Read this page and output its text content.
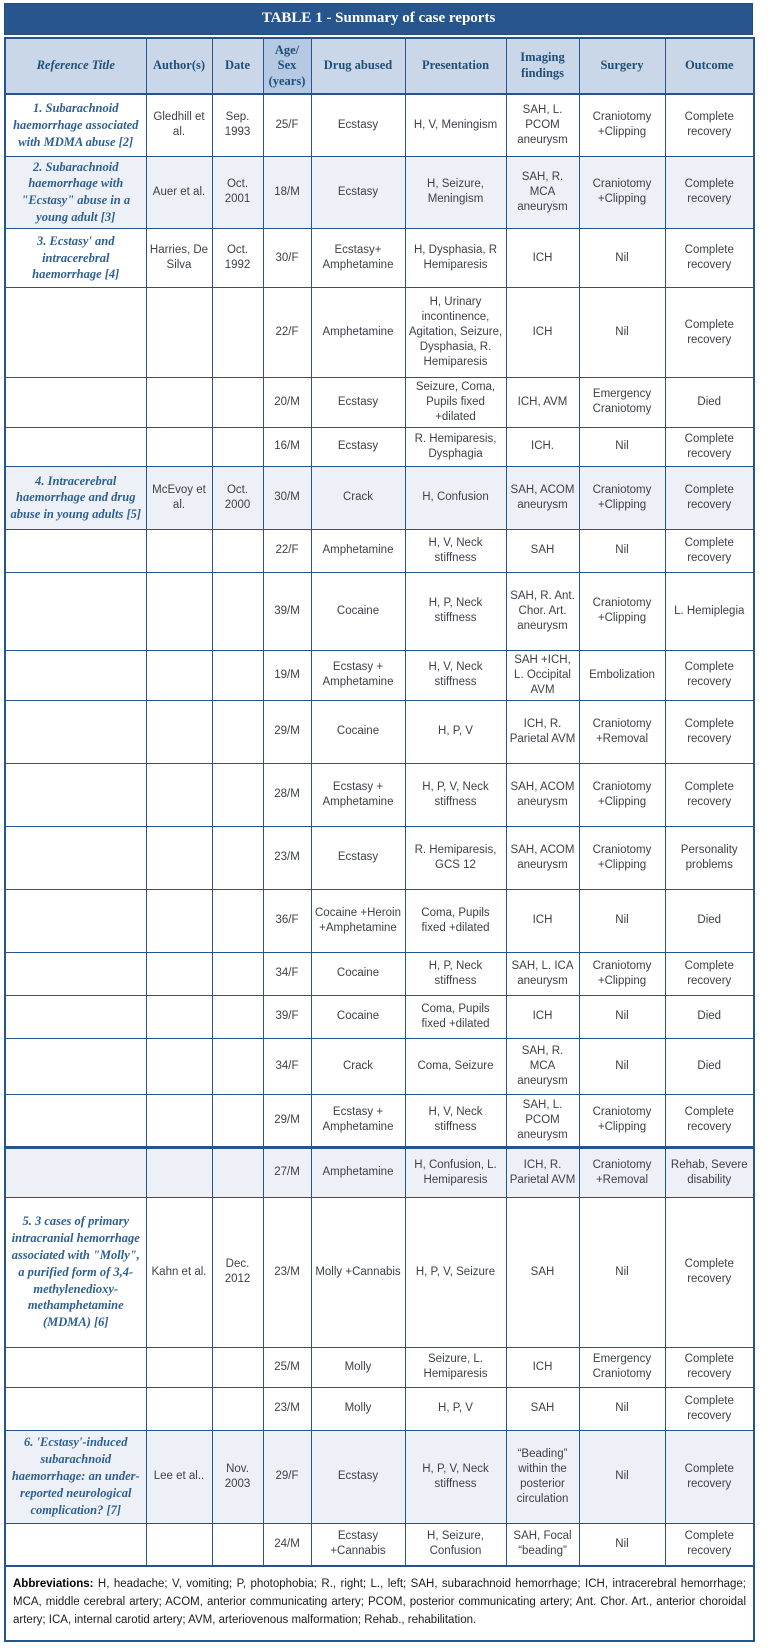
TABLE 1 - Summary of case reports
Reference Title	Author(s)	Date	Age/ Sex (years)	Drug abused	Presentation	Imaging findings	Surgery	Outcome
1. Subarachnoid haemorrhage associated with MDMA abuse [2]	Gledhill et al.	Sep. 1993	25/F	Ecstasy	H, V, Meningism	SAH, L. PCOM aneurysm	Craniotomy +Clipping	Complete recovery
2. Subarachnoid haemorrhage with "Ecstasy" abuse in a young adult [3]	Auer et al.	Oct. 2001	18/M	Ecstasy	H, Seizure, Meningism	SAH, R. MCA aneurysm	Craniotomy +Clipping	Complete recovery
3. Ecstasy' and intracerebral haemorrhage [4]	Harries, De Silva	Oct. 1992	30/F	Ecstasy+ Amphetamine	H, Dysphasia, R Hemiparesis	ICH	Nil	Complete recovery
			22/F	Amphetamine	H, Urinary incontinence, Agitation, Seizure, Dysphasia, R. Hemiparesis	ICH	Nil	Complete recovery
			20/M	Ecstasy	Seizure, Coma, Pupils fixed +dilated	ICH, AVM	Emergency Craniotomy	Died
			16/M	Ecstasy	R. Hemiparesis, Dysphagia	ICH.	Nil	Complete recovery
4. Intracerebral haemorrhage and drug abuse in young adults [5]	McEvoy et al.	Oct. 2000	30/M	Crack	H, Confusion	SAH, ACOM aneurysm	Craniotomy +Clipping	Complete recovery
			22/F	Amphetamine	H, V, Neck stiffness	SAH	Nil	Complete recovery
			39/M	Cocaine	H, P, Neck stiffness	SAH, R. Ant. Chor. Art. aneurysm	Craniotomy +Clipping	L. Hemiplegia
			19/M	Ecstasy + Amphetamine	H, V, Neck stiffness	SAH +ICH, L. Occipital AVM	Embolization	Complete recovery
			29/M	Cocaine	H, P, V	ICH, R. Parietal AVM	Craniotomy +Removal	Complete recovery
			28/M	Ecstasy + Amphetamine	H, P, V, Neck stiffness	SAH, ACOM aneurysm	Craniotomy +Clipping	Complete recovery
			23/M	Ecstasy	R. Hemiparesis, GCS 12	SAH, ACOM aneurysm	Craniotomy +Clipping	Personality problems
			36/F	Cocaine +Heroin +Amphetamine	Coma, Pupils fixed +dilated	ICH	Nil	Died
			34/F	Cocaine	H, P, Neck stiffness	SAH, L. ICA aneurysm	Craniotomy +Clipping	Complete recovery
			39/F	Cocaine	Coma, Pupils fixed +dilated	ICH	Nil	Died
			34/F	Crack	Coma, Seizure	SAH, R. MCA aneurysm	Nil	Died
			29/M	Ecstasy + Amphetamine	H, V, Neck stiffness	SAH, L. PCOM aneurysm	Craniotomy +Clipping	Complete recovery
			27/M	Amphetamine	H, Confusion, L. Hemiparesis	ICH, R. Parietal AVM	Craniotomy +Removal	Rehab, Severe disability
5. 3 cases of primary intracranial hemorrhage associated with "Molly", a purified form of 3,4-methylenedioxy-methamphetamine (MDMA) [6]	Kahn et al.	Dec. 2012	23/M	Molly +Cannabis	H, P, V, Seizure	SAH	Nil	Complete recovery
			25/M	Molly	Seizure, L. Hemiparesis	ICH	Emergency Craniotomy	Complete recovery
			23/M	Molly	H, P, V	SAH	Nil	Complete recovery
6. 'Ecstasy'-induced subarachnoid haemorrhage: an under-reported neurological complication? [7]	Lee et al..	Nov. 2003	29/F	Ecstasy	H, P, V, Neck stiffness	“Beading” within the posterior circulation	Nil	Complete recovery
			24/M	Ecstasy +Cannabis	H, Seizure, Confusion	SAH, Focal “beading”	Nil	Complete recovery
Abbreviations: H, headache; V, vomiting; P, photophobia; R., right; L., left; SAH, subarachnoid hemorrhage; ICH, intracerebral hemorrhage; MCA, middle cerebral artery; ACOM, anterior communicating artery; PCOM, posterior communicating artery; Ant. Chor. Art., anterior choroidal artery; ICA, internal carotid artery; AVM, arteriovenous malformation; Rehab., rehabilitation.								
